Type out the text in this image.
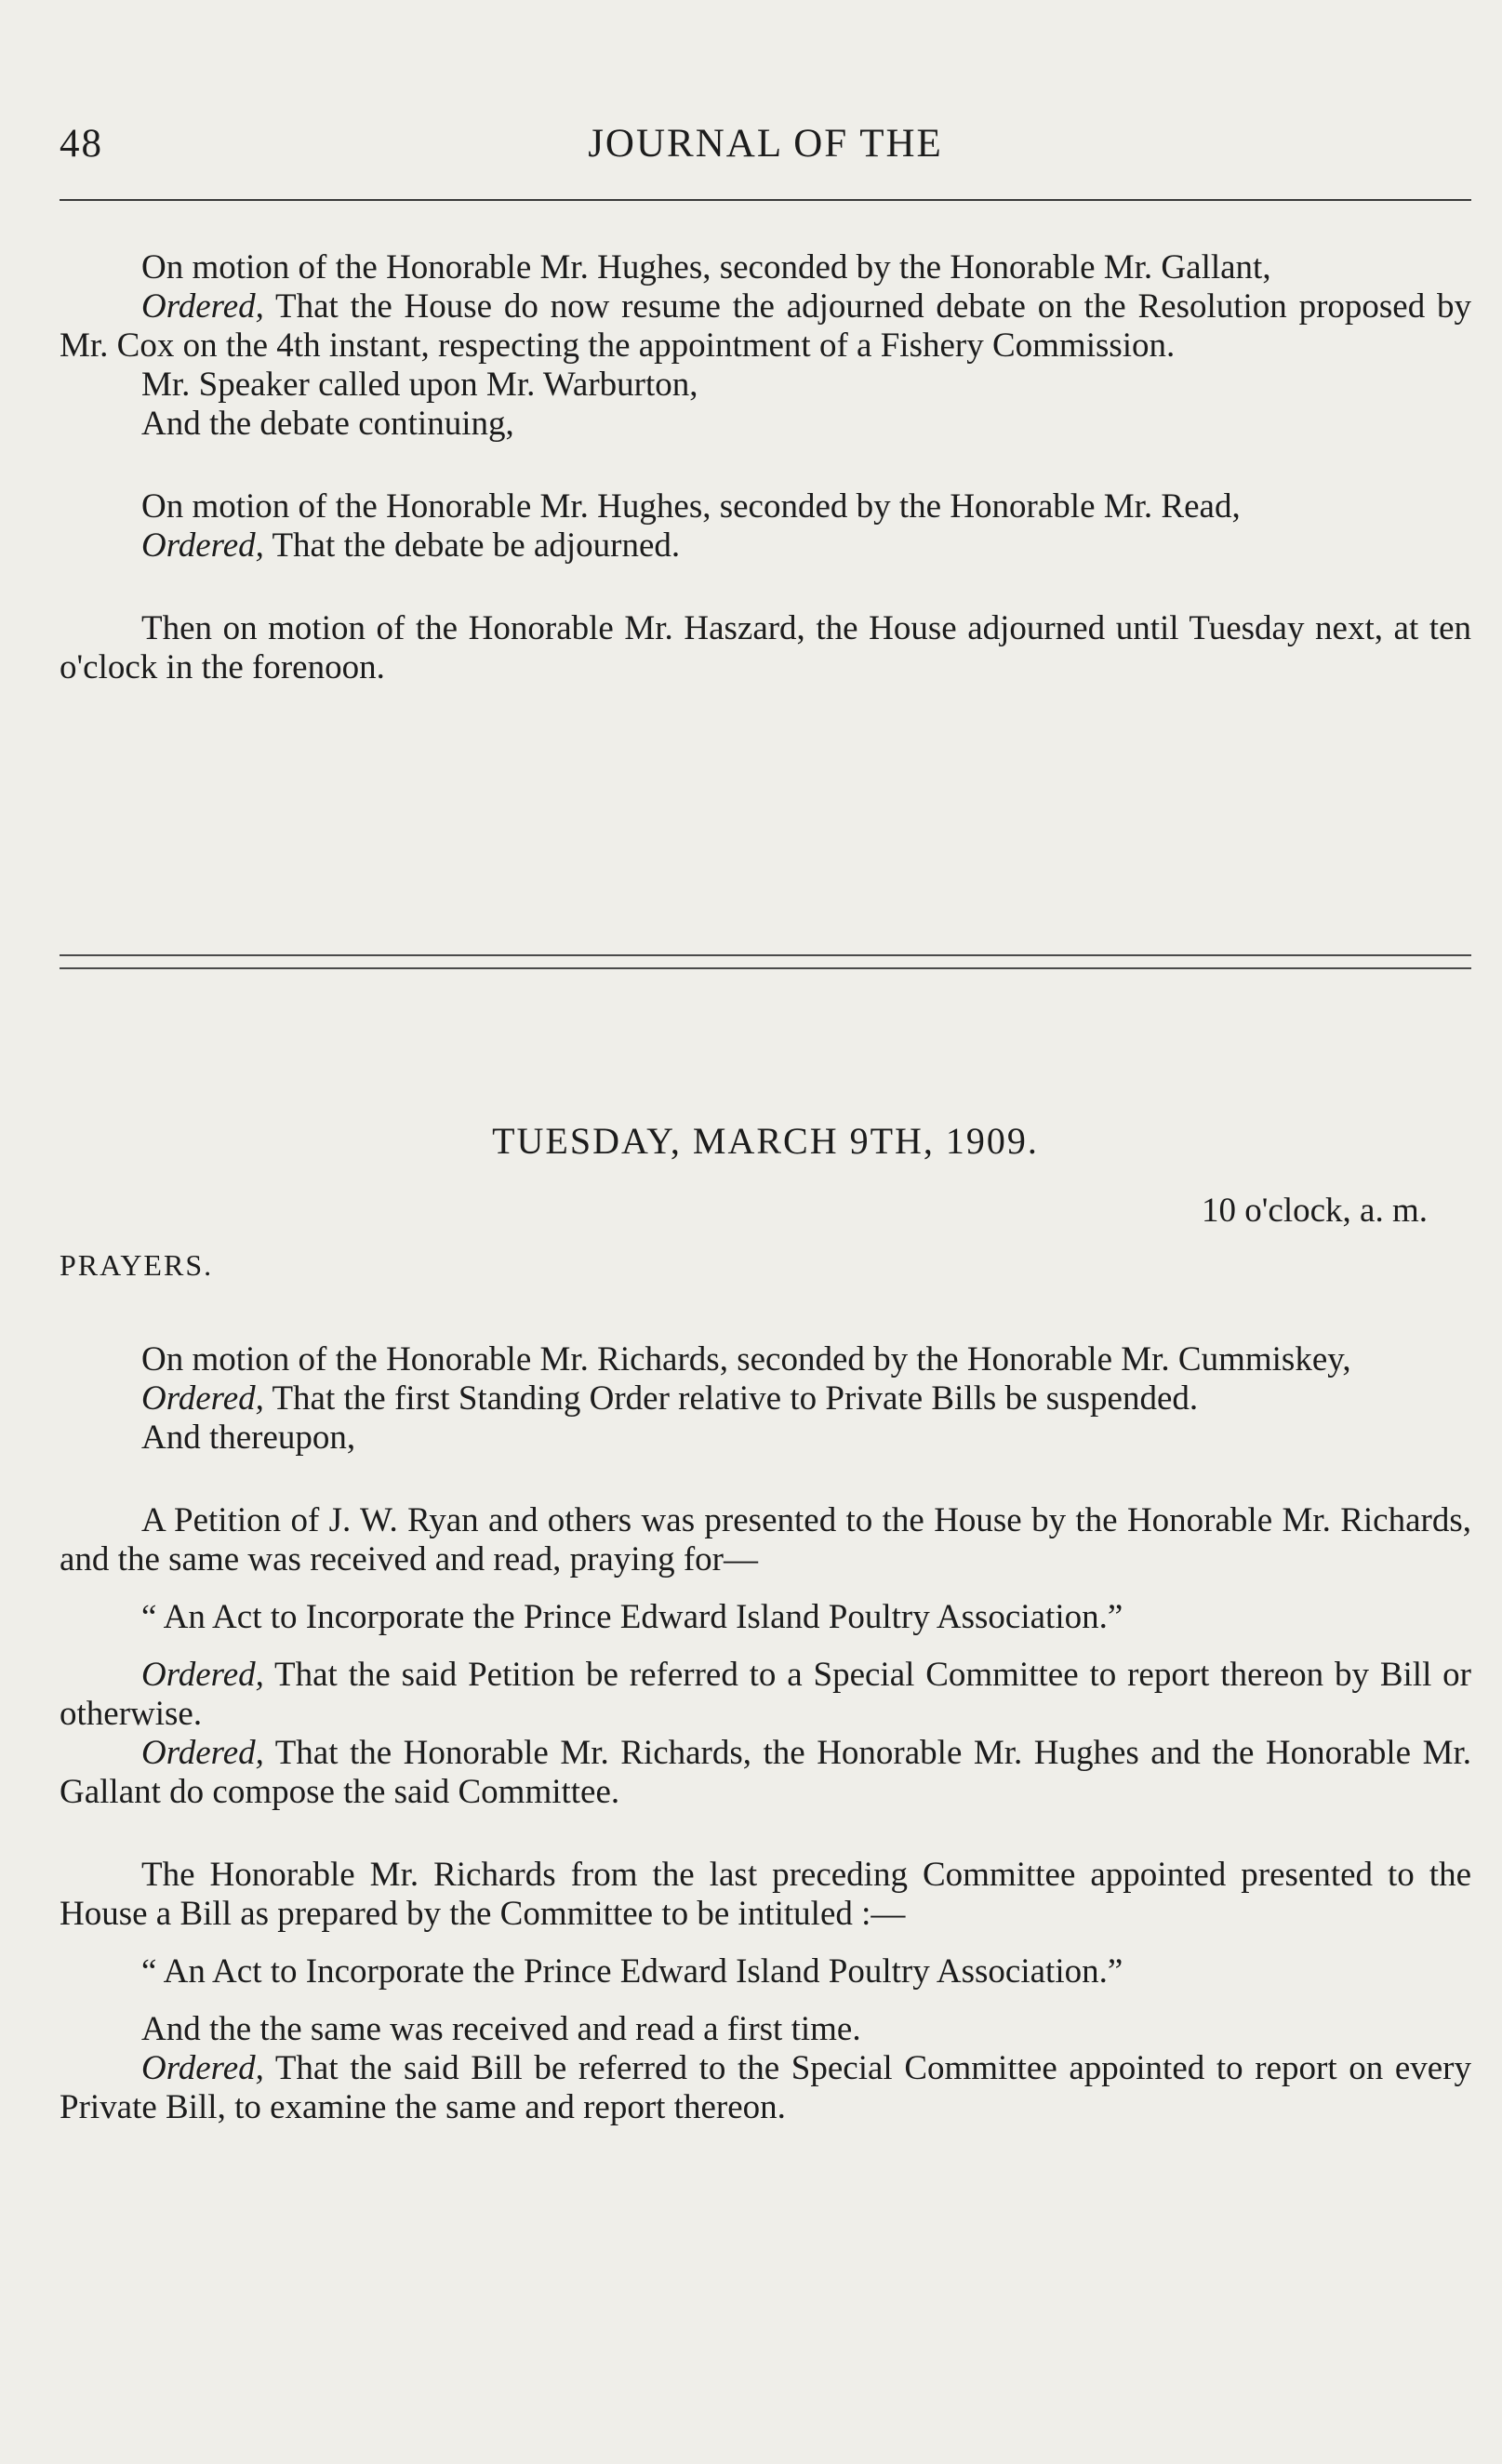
48	JOURNAL OF THE

On motion of the Honorable Mr. Hughes, seconded by the Honorable Mr. Gallant,

Ordered, That the House do now resume the adjourned debate on the Resolution proposed by Mr. Cox on the 4th instant, respecting the appointment of a Fishery Commission.

Mr. Speaker called upon Mr. Warburton,

And the debate continuing,

On motion of the Honorable Mr. Hughes, seconded by the Honorable Mr. Read,

Ordered, That the debate be adjourned.

Then on motion of the Honorable Mr. Haszard, the House adjourned until Tuesday next, at ten o'clock in the forenoon.

TUESDAY, MARCH 9TH, 1909.
10 o'clock, a. m.
PRAYERS.

On motion of the Honorable Mr. Richards, seconded by the Honorable Mr. Cummiskey,

Ordered, That the first Standing Order relative to Private Bills be suspended.

And thereupon,

A Petition of J. W. Ryan and others was presented to the House by the Honorable Mr. Richards, and the same was received and read, praying for—

“ An Act to Incorporate the Prince Edward Island Poultry Association.”

Ordered, That the said Petition be referred to a Special Committee to report thereon by Bill or otherwise.

Ordered, That the Honorable Mr. Richards, the Honorable Mr. Hughes and the Honorable Mr. Gallant do compose the said Committee.

The Honorable Mr. Richards from the last preceding Committee appointed presented to the House a Bill as prepared by the Committee to be intituled :—

“ An Act to Incorporate the Prince Edward Island Poultry Association.”

And the the same was received and read a first time.

Ordered, That the said Bill be referred to the Special Committee appointed to report on every Private Bill, to examine the same and report thereon.
